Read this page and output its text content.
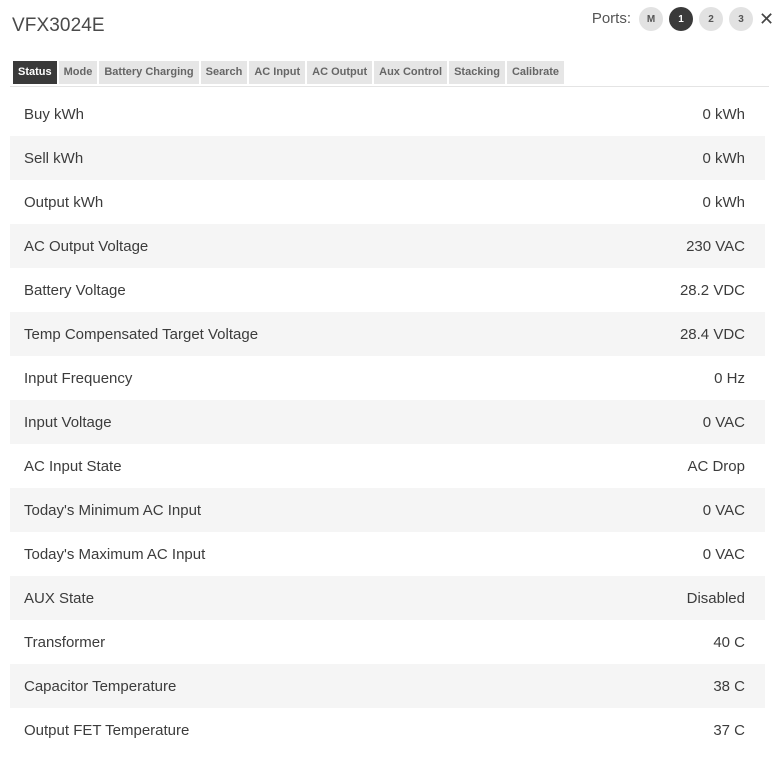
VFX3024E	Ports:	M	1	2	3 ✕
Status	Mode	Battery Charging	Search	AC Input	AC Output	Aux Control	Stacking	Calibrate
Buy kWh	0 kWh
Sell kWh	0 kWh
Output kWh	0 kWh
AC Output Voltage	230 VAC
Battery Voltage	28.2 VDC
Temp Compensated Target Voltage	28.4 VDC
Input Frequency	0 Hz
Input Voltage	0 VAC
AC Input State	AC Drop
Today's Minimum AC Input	0 VAC
Today's Maximum AC Input	0 VAC
AUX State	Disabled
Transformer	40 C
Capacitor Temperature	38 C
Output FET Temperature	37 C
